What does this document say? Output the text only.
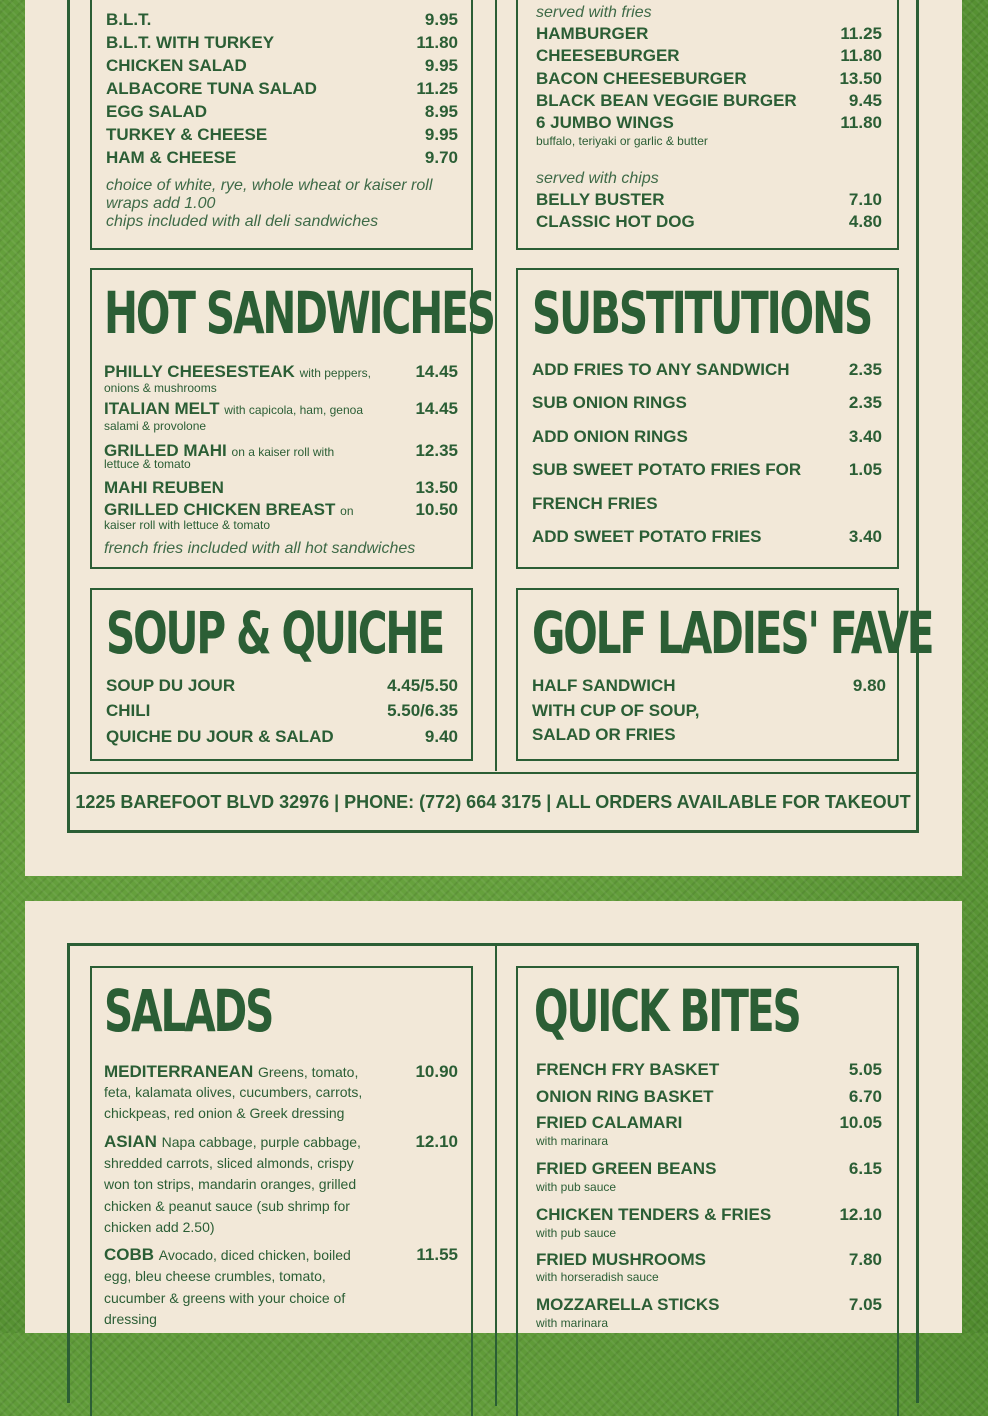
B.L.T.	9.95
B.L.T. WITH TURKEY	11.80
CHICKEN SALAD	9.95
ALBACORE TUNA SALAD	11.25
EGG SALAD	8.95
TURKEY & CHEESE	9.95
HAM & CHEESE	9.70
choice of white, rye, whole wheat or kaiser roll
wraps add 1.00
chips included with all deli sandwiches
served with fries
HAMBURGER	11.25
CHEESEBURGER	11.80
BACON CHEESEBURGER	13.50
BLACK BEAN VEGGIE BURGER	9.45
6 JUMBO WINGS	11.80
buffalo, teriyaki or garlic & butter
served with chips
BELLY BUSTER	7.10
CLASSIC HOT DOG	4.80
HOT SANDWICHES
PHILLY CHEESESTEAK with peppers,	14.45
onions & mushrooms
ITALIAN MELT with capicola, ham, genoa	14.45
salami & provolone
GRILLED MAHI on a kaiser roll with	12.35
lettuce & tomato
MAHI REUBEN	13.50
GRILLED CHICKEN BREAST on	10.50
kaiser roll with lettuce & tomato
french fries included with all hot sandwiches
SUBSTITUTIONS
ADD FRIES TO ANY SANDWICH	2.35
SUB ONION RINGS	2.35
ADD ONION RINGS	3.40
SUB SWEET POTATO FRIES FOR	1.05
FRENCH FRIES
ADD SWEET POTATO FRIES	3.40
SOUP & QUICHE
SOUP DU JOUR	4.45/5.50
CHILI	5.50/6.35
QUICHE DU JOUR & SALAD	9.40
GOLF LADIES' FAVE
HALF SANDWICH	9.80
WITH CUP OF SOUP,
SALAD OR FRIES
1225 BAREFOOT BLVD 32976 | PHONE: (772) 664 3175 | ALL ORDERS AVAILABLE FOR TAKEOUT
SALADS
MEDITERRANEAN Greens, tomato,	10.90
feta, kalamata olives, cucumbers, carrots,
chickpeas, red onion & Greek dressing
ASIAN Napa cabbage, purple cabbage,	12.10
shredded carrots, sliced almonds, crispy
won ton strips, mandarin oranges, grilled
chicken & peanut sauce (sub shrimp for
chicken add 2.50)
COBB Avocado, diced chicken, boiled	11.55
egg, bleu cheese crumbles, tomato,
cucumber & greens with your choice of
dressing
QUICK BITES
FRENCH FRY BASKET	5.05
ONION RING BASKET	6.70
FRIED CALAMARI	10.05
with marinara
FRIED GREEN BEANS	6.15
with pub sauce
CHICKEN TENDERS & FRIES	12.10
with pub sauce
FRIED MUSHROOMS	7.80
with horseradish sauce
MOZZARELLA STICKS	7.05
with marinara
